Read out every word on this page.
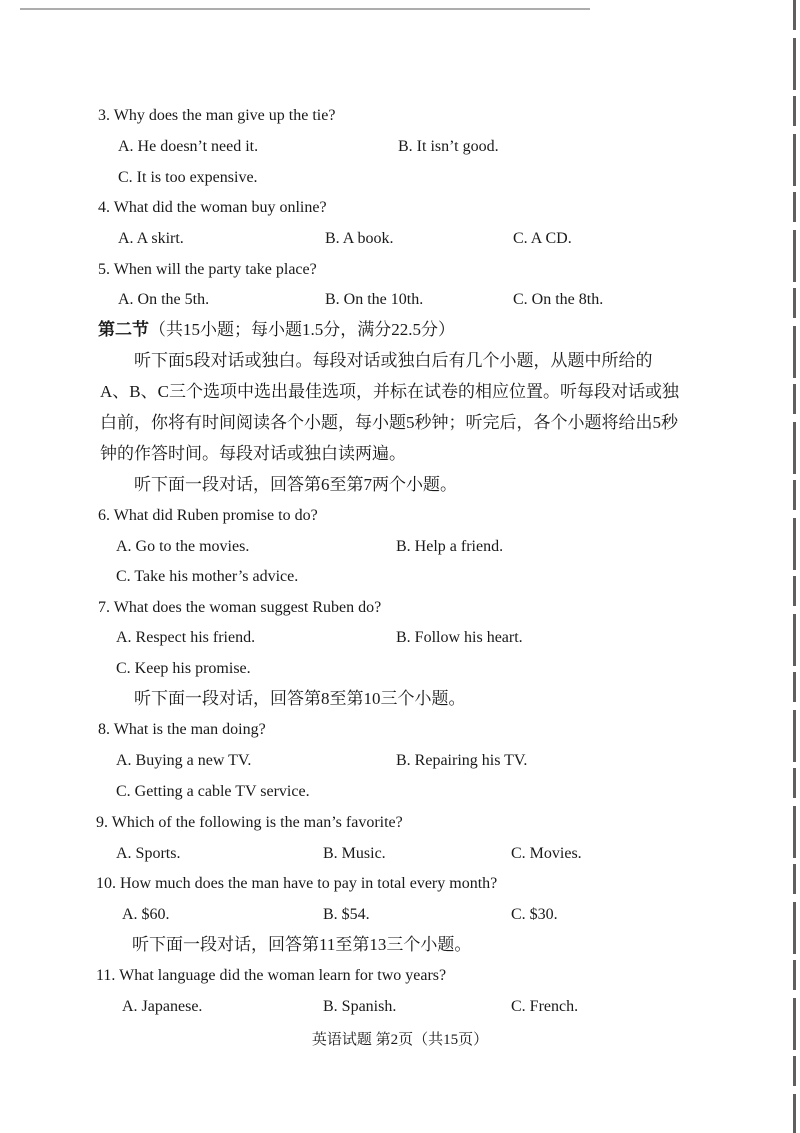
3. Why does the man give up the tie?
A. He doesn’t need it.	B. It isn’t good.
C. It is too expensive.
4. What did the woman buy online?
A. A skirt.	B. A book.	C. A CD.
5. When will the party take place?
A. On the 5th.	B. On the 10th.	C. On the 8th.
第二节（共15小题；每小题1.5分，满分22.5分）
听下面5段对话或独白。每段对话或独白后有几个小题，从题中所给的
A、B、C三个选项中选出最佳选项，并标在试卷的相应位置。听每段对话或独
白前，你将有时间阅读各个小题，每小题5秒钟；听完后，各个小题将给出5秒
钟的作答时间。每段对话或独白读两遍。
听下面一段对话，回答第6至第7两个小题。
6. What did Ruben promise to do?
A. Go to the movies.	B. Help a friend.
C. Take his mother’s advice.
7. What does the woman suggest Ruben do?
A. Respect his friend.	B. Follow his heart.
C. Keep his promise.
听下面一段对话，回答第8至第10三个小题。
8. What is the man doing?
A. Buying a new TV.	B. Repairing his TV.
C. Getting a cable TV service.
9. Which of the following is the man’s favorite?
A. Sports.	B. Music.	C. Movies.
10. How much does the man have to pay in total every month?
A. $60.	B. $54.	C. $30.
听下面一段对话，回答第11至第13三个小题。
11. What language did the woman learn for two years?
A. Japanese.	B. Spanish.	C. French.
英语试题 第2页（共15页）
